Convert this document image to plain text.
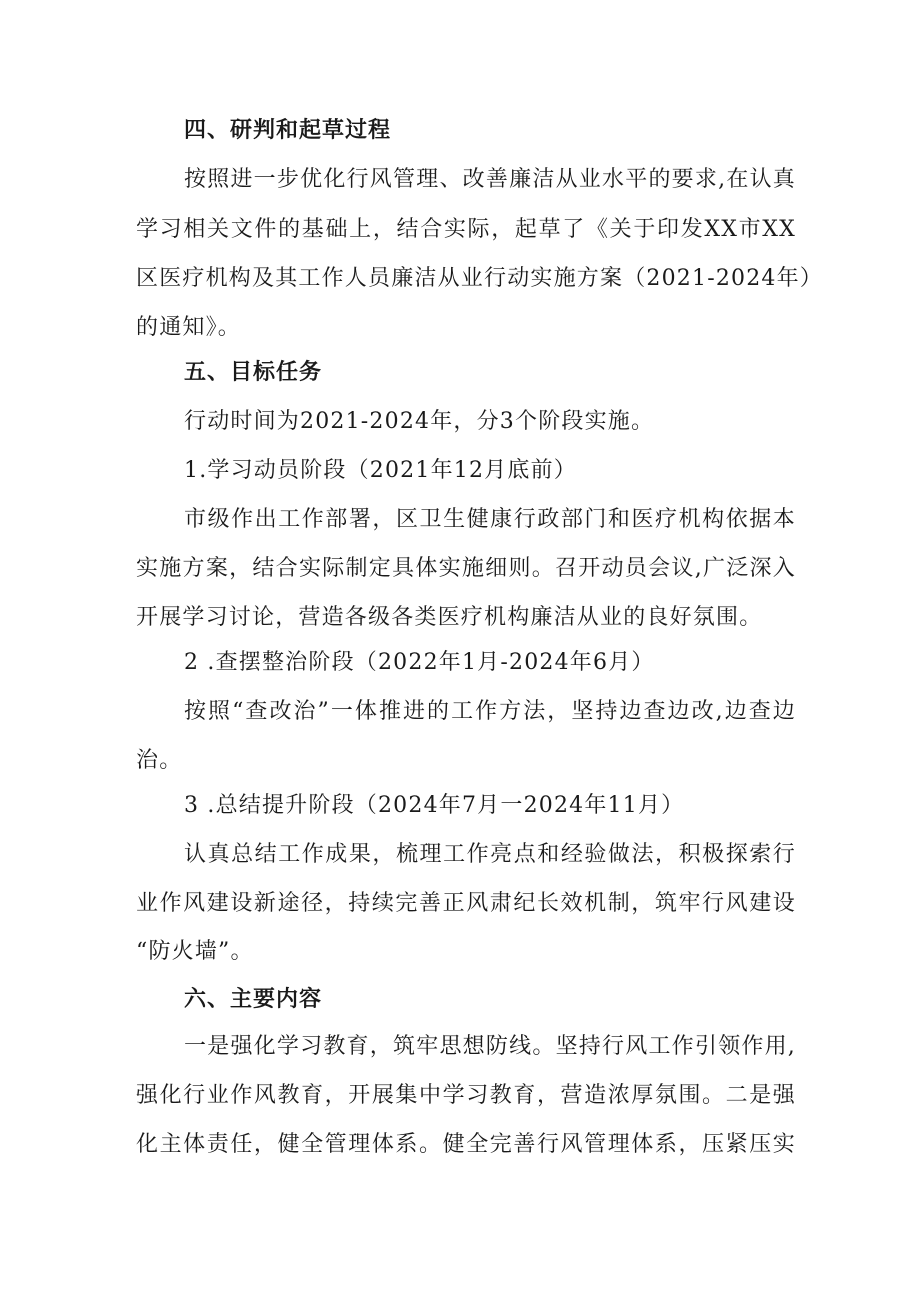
四、研判和起草过程
按照进一步优化行风管理、改善廉洁从业水平的要求,在认真
学习相关文件的基础上，结合实际，起草了《关于印发XX市XX
区医疗机构及其工作人员廉洁从业行动实施方案（2021-2024年）
的通知》。
五、目标任务
行动时间为2021-2024年，分3个阶段实施。
1.学习动员阶段（2021年12月底前）
市级作出工作部署，区卫生健康行政部门和医疗机构依据本
实施方案，结合实际制定具体实施细则。召开动员会议,广泛深入
开展学习讨论，营造各级各类医疗机构廉洁从业的良好氛围。
2 .查摆整治阶段（2022年1月-2024年6月）
按照“查改治”一体推进的工作方法，坚持边查边改,边查边
治。
3 .总结提升阶段（2024年7月一2024年11月）
认真总结工作成果，梳理工作亮点和经验做法，积极探索行
业作风建设新途径，持续完善正风肃纪长效机制，筑牢行风建设
“防火墙”。
六、主要内容
一是强化学习教育，筑牢思想防线。坚持行风工作引领作用,
强化行业作风教育，开展集中学习教育，营造浓厚氛围。二是强
化主体责任，健全管理体系。健全完善行风管理体系，压紧压实
